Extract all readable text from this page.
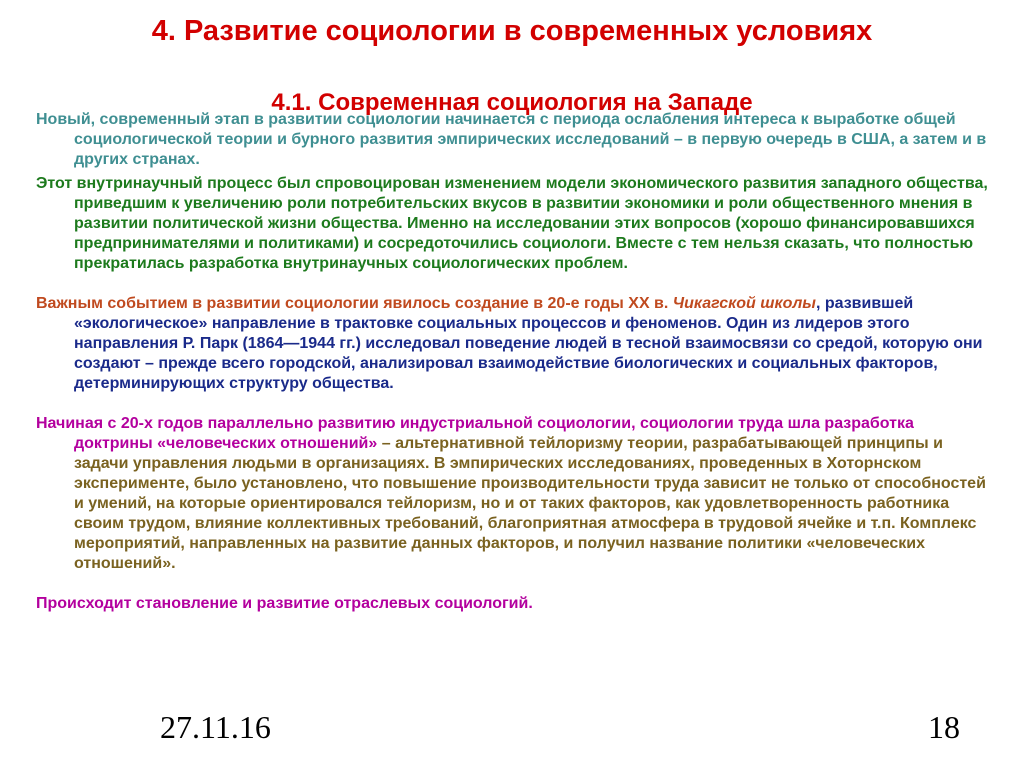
4. Развитие социологии в современных условиях

Новый, современный этап в развитии социологии начинается с периода ослабления интереса к выработке общей социологической теории и бурного развития эмпирических исследований – в первую очередь в США, а затем и в других странах.

Этот внутринаучный процесс был спровоцирован изменением модели экономического развития западного общества, приведшим к увеличению роли потребительских вкусов в развитии экономики и роли общественного мнения в развитии политической жизни общества. Именно на исследовании этих вопросов (хорошо финансировавшихся предпринимателями и политиками) и сосредоточились социологи. Вместе с тем нельзя сказать, что полностью прекратилась разработка внутринаучных социологических проблем.

Важным событием в развитии социологии явилось создание в 20-е годы XX в. Чикагской школы, развившей «экологическое» направление в трактовке социальных процессов и феноменов. Один из лидеров этого направления Р. Парк (1864—1944 гг.) исследовал поведение людей в тесной взаимосвязи со средой, которую они создают – прежде всего городской, анализировал взаимодействие биологических и социальных факторов, детерминирующих структуру общества.

Начиная с 20-х годов параллельно развитию индустриальной социологии, социологии труда шла разработка доктрины «человеческих отношений» – альтернативной тейлоризму теории, разрабатывающей принципы и задачи управления людьми в организациях. В эмпирических исследованиях, проведенных в Хоторнском эксперименте, было установлено, что повышение производительности труда зависит не только от способностей и умений, на которые ориентировался тейлоризм, но и от таких факторов, как удовлетворенность работника своим трудом, влияние коллективных требований, благоприятная атмосфера в трудовой ячейке и т.п. Комплекс мероприятий, направленных на развитие данных факторов, и получил название политики «человеческих отношений».

Происходит становление и развитие отраслевых социологий.

4.1. Современная социология на Западе
27.11.16	18
